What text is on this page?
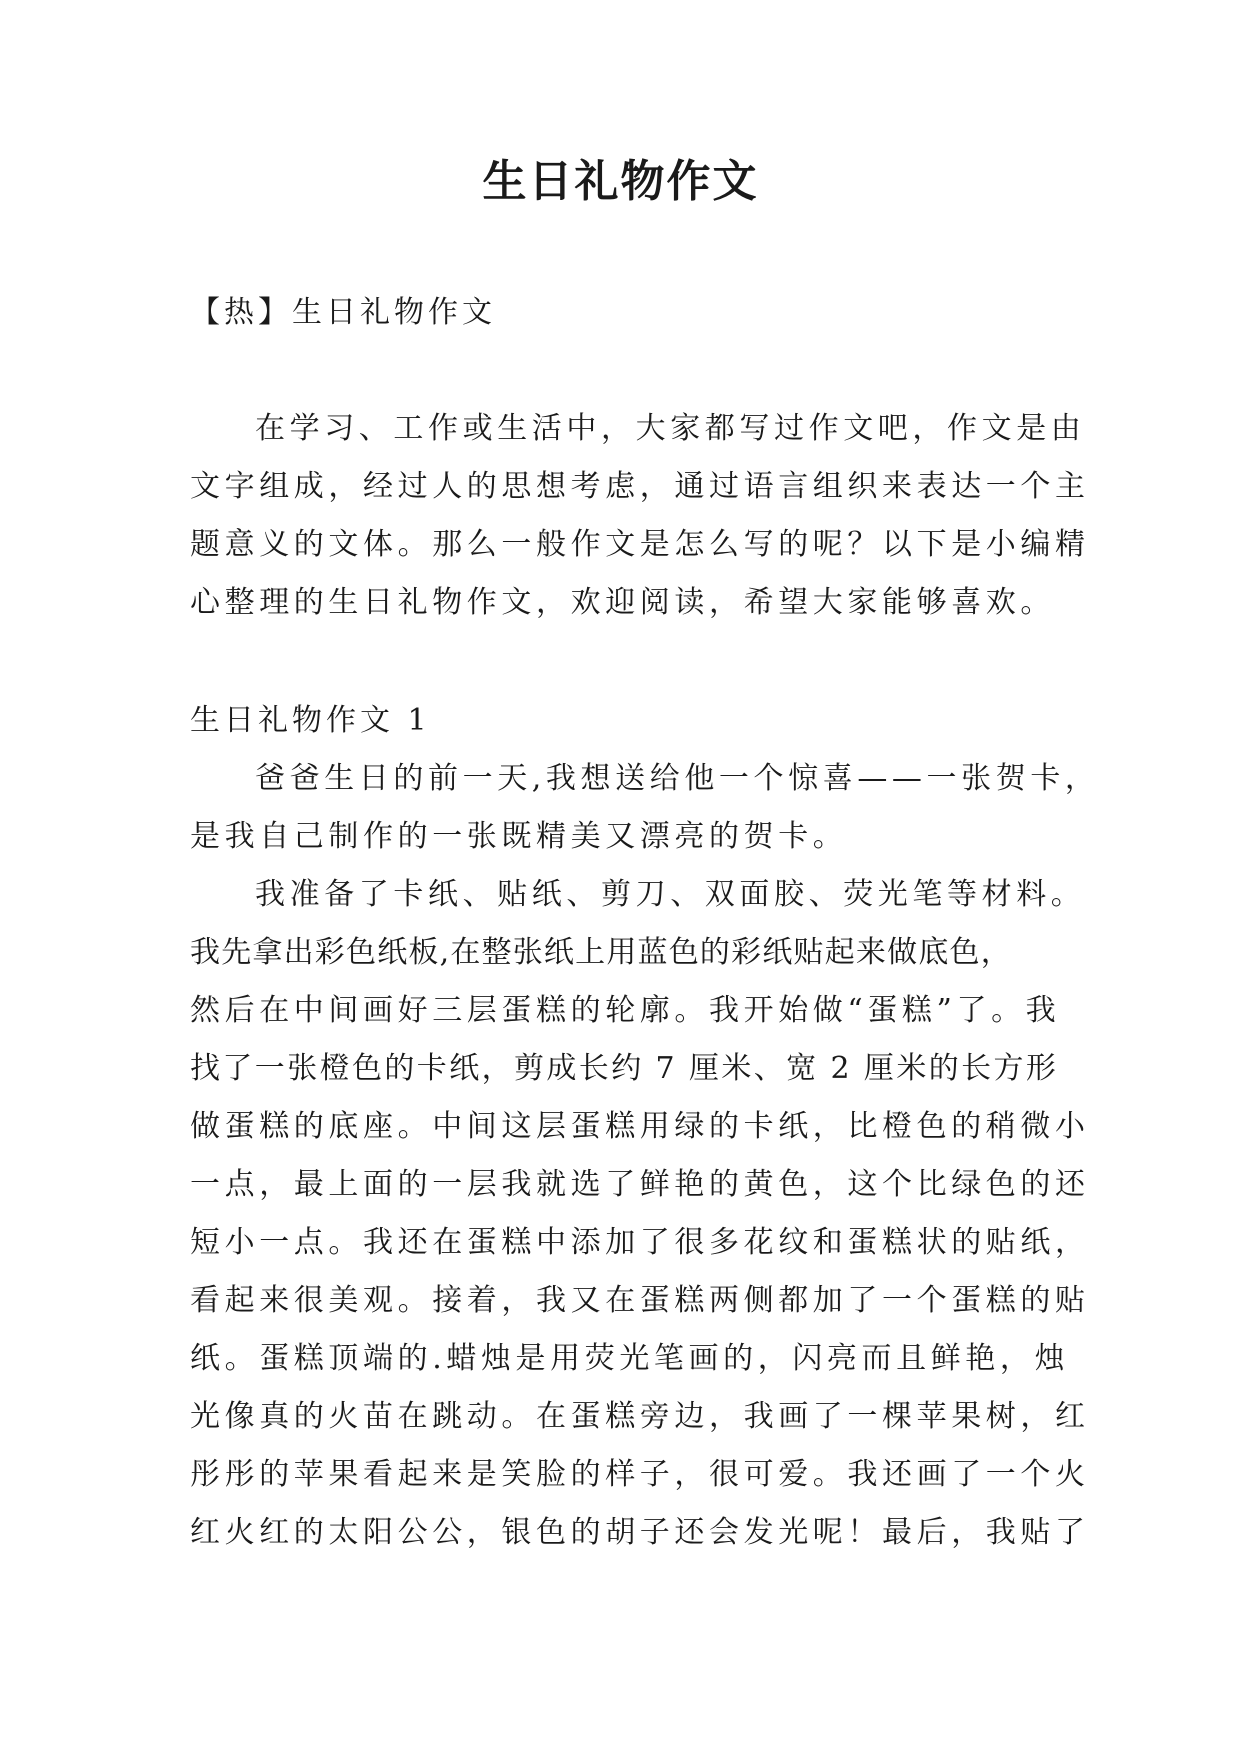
生日礼物作文

【热】生日礼物作文

在学习、工作或生活中，大家都写过作文吧，作文是由

文字组成，经过人的思想考虑，通过语言组织来表达一个主

题意义的文体。那么一般作文是怎么写的呢？以下是小编精

心整理的生日礼物作文，欢迎阅读，希望大家能够喜欢。

生日礼物作文 1

爸爸生日的前一天,我想送给他一个惊喜——一张贺卡，

是我自己制作的一张既精美又漂亮的贺卡。

我准备了卡纸、贴纸、剪刀、双面胶、荧光笔等材料。

我先拿出彩色纸板,在整张纸上用蓝色的彩纸贴起来做底色，

然后在中间画好三层蛋糕的轮廓。我开始做“蛋糕”了。我

找了一张橙色的卡纸，剪成长约 7 厘米、宽 2 厘米的长方形

做蛋糕的底座。中间这层蛋糕用绿的卡纸，比橙色的稍微小

一点，最上面的一层我就选了鲜艳的黄色，这个比绿色的还

短小一点。我还在蛋糕中添加了很多花纹和蛋糕状的贴纸，

看起来很美观。接着，我又在蛋糕两侧都加了一个蛋糕的贴

纸。蛋糕顶端的.蜡烛是用荧光笔画的，闪亮而且鲜艳，烛

光像真的火苗在跳动。在蛋糕旁边，我画了一棵苹果树，红

彤彤的苹果看起来是笑脸的样子，很可爱。我还画了一个火

红火红的太阳公公，银色的胡子还会发光呢！最后，我贴了
